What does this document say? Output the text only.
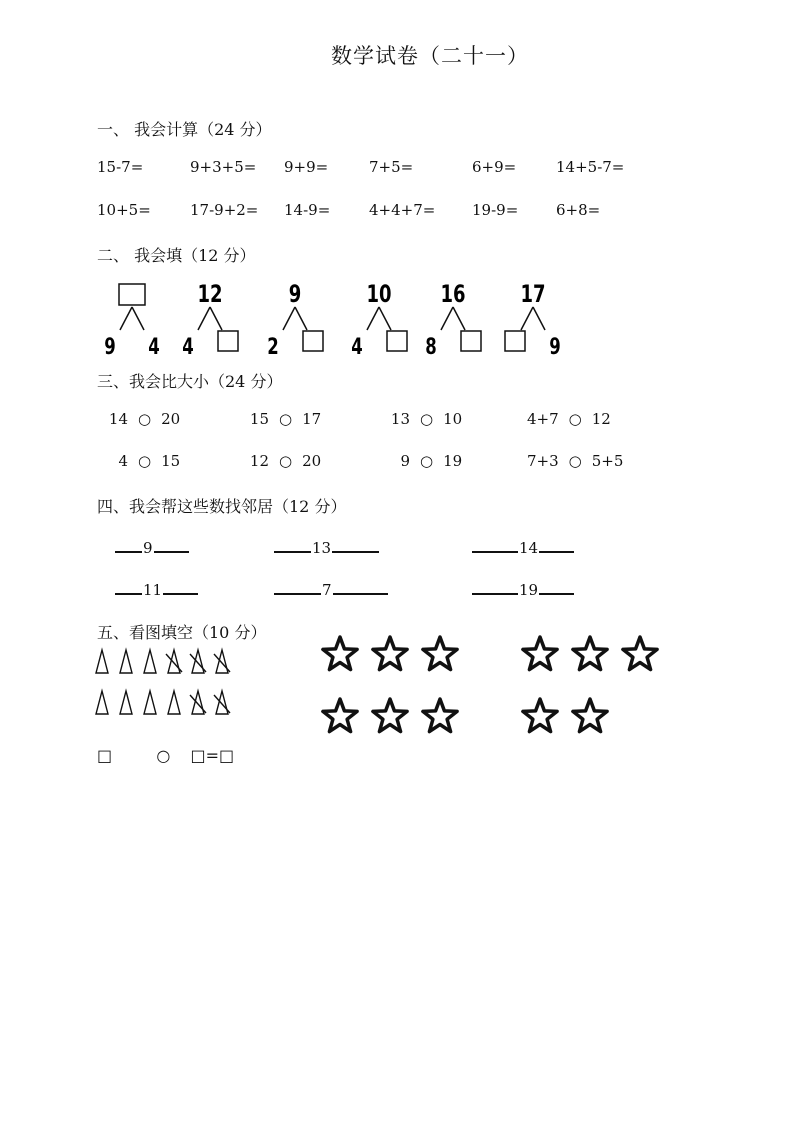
数学试卷（二十一）
一、 我会计算（24 分）
15-7=	9+3+5= 9+9=	7+5=	6+9=	14+5-7=
10+5=	17-9+2= 14-9=	4+4+7= 19-9=	6+8=
二、 我会填（12 分）
9 4
12
4
9
2
10
4
16
8
17
9
三、我会比大小（24 分）
14 ○ 20	15 ○ 17	13 ○ 10	4+7 ○ 12
4 ○ 15	12 ○ 20	9 ○ 19	7+3 ○ 5+5
四、我会帮这些数找邻居（12 分）
9	13	14
11	7	19
五、看图填空（10 分）
□	○ □=□
